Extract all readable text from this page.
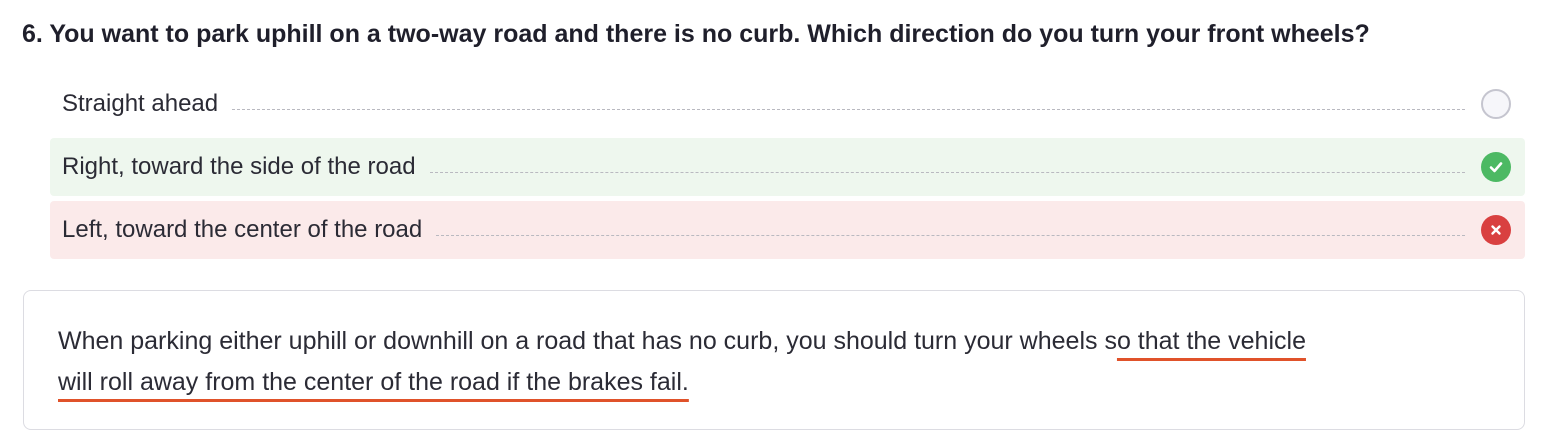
6. You want to park uphill on a two-way road and there is no curb. Which direction do you turn your front wheels?
Straight ahead
Right, toward the side of the road
Left, toward the center of the road
When parking either uphill or downhill on a road that has no curb, you should turn your wheels so that the vehicle
will roll away from the center of the road if the brakes fail.
